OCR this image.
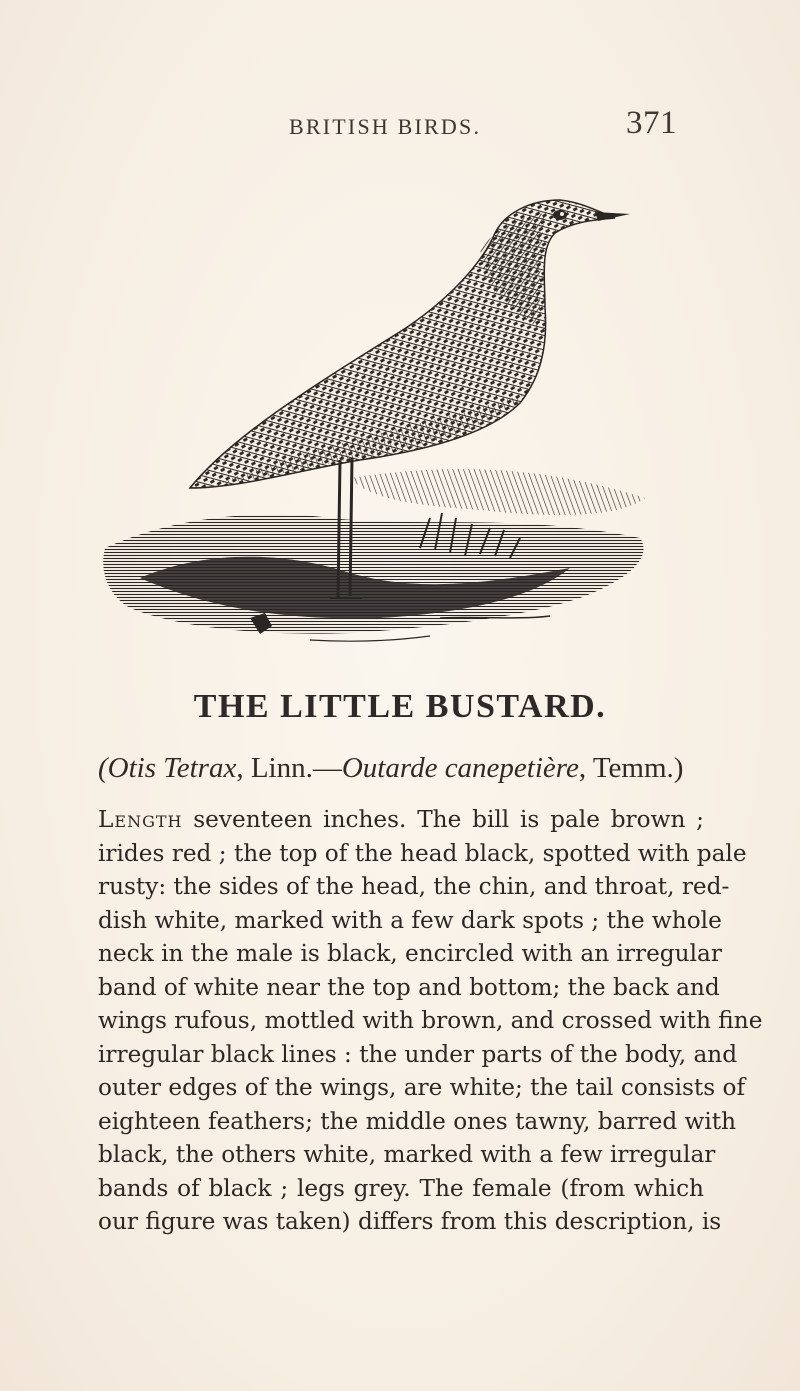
BRITISH BIRDS.	371
THE LITTLE BUSTARD.
(Otis Tetrax, Linn.—Outarde canepetière, Temm.)
Length seventeen inches. The bill is pale brown ;
irides red ; the top of the head black, spotted with pale
rusty: the sides of the head, the chin, and throat, red-
dish white, marked with a few dark spots ; the whole
neck in the male is black, encircled with an irregular
band of white near the top and bottom; the back and
wings rufous, mottled with brown, and crossed with fine
irregular black lines : the under parts of the body, and
outer edges of the wings, are white; the tail consists of
eighteen feathers; the middle ones tawny, barred with
black, the others white, marked with a few irregular
bands of black ; legs grey. The female (from which
our figure was taken) differs from this description, is
